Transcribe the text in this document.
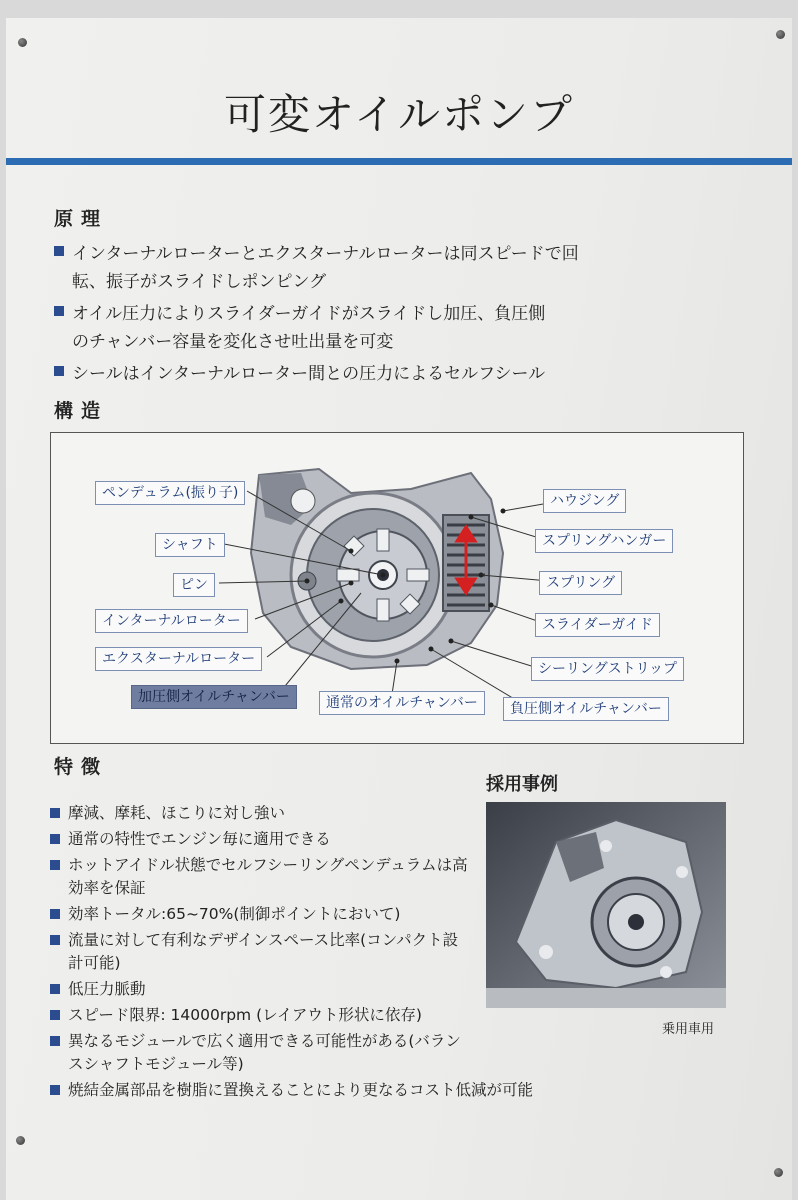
可変オイルポンプ
原理
インターナルローターとエクスターナルローターは同スピードで回転、振子がスライドしポンピング
オイル圧力によりスライダーガイドがスライドし加圧、負圧側のチャンバー容量を変化させ吐出量を可変
シールはインターナルローター間との圧力によるセルフシール
構造
ペンデュラム(振り子)
シャフト
ピン
インターナルローター
エクスターナルローター
加圧側オイルチャンバー	通常のオイルチャンバー	負圧側オイルチャンバー
ハウジング
スプリングハンガー
スプリング
スライダーガイド
シーリングストリップ
特徴
摩減、摩耗、ほこりに対し強い
通常の特性でエンジン毎に適用できる
ホットアイドル状態でセルフシーリングペンデュラムは高効率を保証
効率トータル:65~70%(制御ポイントにおいて)
流量に対して有利なデザインスペース比率(コンパクト設計可能)
低圧力脈動
スピード限界: 14000rpm (レイアウト形状に依存)
異なるモジュールで広く適用できる可能性がある(バランスシャフトモジュール等)
焼結金属部品を樹脂に置換えることにより更なるコスト低減が可能
採用事例
乗用車用
